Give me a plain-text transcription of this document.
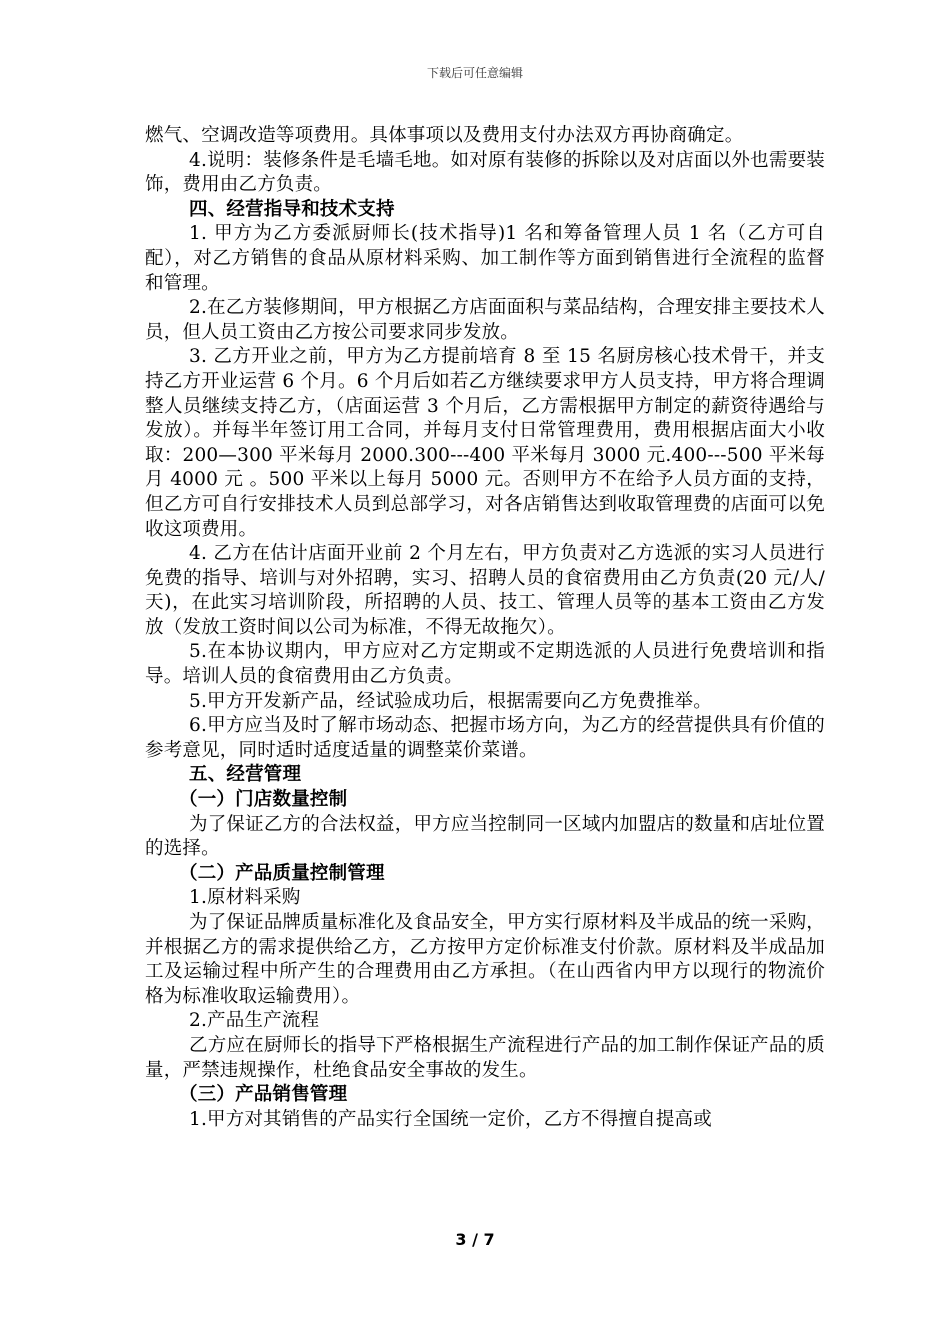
下载后可任意编辑

燃气、空调改造等项费用。具体事项以及费用支付办法双方再协商确定。

4.说明：装修条件是毛墙毛地。如对原有装修的拆除以及对店面以外也需要装饰，费用由乙方负责。

四、经营指导和技术支持

1. 甲方为乙方委派厨师长(技术指导)1 名和筹备管理人员 1 名（乙方可自配），对乙方销售的食品从原材料采购、加工制作等方面到销售进行全流程的监督和管理。

2.在乙方装修期间，甲方根据乙方店面面积与菜品结构，合理安排主要技术人员，但人员工资由乙方按公司要求同步发放。

3. 乙方开业之前，甲方为乙方提前培育 8 至 15 名厨房核心技术骨干，并支持乙方开业运营 6 个月。6 个月后如若乙方继续要求甲方人员支持，甲方将合理调整人员继续支持乙方，（店面运营 3 个月后，乙方需根据甲方制定的薪资待遇给与发放）。并每半年签订用工合同，并每月支付日常管理费用，费用根据店面大小收取：200—300 平米每月 2000.300---400 平米每月 3000 元.400---500 平米每月 4000 元 。500 平米以上每月 5000 元。否则甲方不在给予人员方面的支持，但乙方可自行安排技术人员到总部学习，对各店销售达到收取管理费的店面可以免收这项费用。

4. 乙方在估计店面开业前 2 个月左右，甲方负责对乙方选派的实习人员进行免费的指导、培训与对外招聘，实习、招聘人员的食宿费用由乙方负责(20 元/人/天)，在此实习培训阶段，所招聘的人员、技工、管理人员等的基本工资由乙方发放（发放工资时间以公司为标准，不得无故拖欠）。

5.在本协议期内，甲方应对乙方定期或不定期选派的人员进行免费培训和指导。培训人员的食宿费用由乙方负责。

5.甲方开发新产品，经试验成功后，根据需要向乙方免费推举。

6.甲方应当及时了解市场动态、把握市场方向，为乙方的经营提供具有价值的参考意见，同时适时适度适量的调整菜价菜谱。

五、经营管理
（一）门店数量控制

为了保证乙方的合法权益，甲方应当控制同一区域内加盟店的数量和店址位置的选择。

（二）产品质量控制管理

1.原材料采购

为了保证品牌质量标准化及食品安全，甲方实行原材料及半成品的统一采购，并根据乙方的需求提供给乙方，乙方按甲方定价标准支付价款。原材料及半成品加工及运输过程中所产生的合理费用由乙方承担。（在山西省内甲方以现行的物流价格为标准收取运输费用）。

2.产品生产流程

乙方应在厨师长的指导下严格根据生产流程进行产品的加工制作保证产品的质量，严禁违规操作，杜绝食品安全事故的发生。

（三）产品销售管理

1.甲方对其销售的产品实行全国统一定价，乙方不得擅自提高或

3 / 7
